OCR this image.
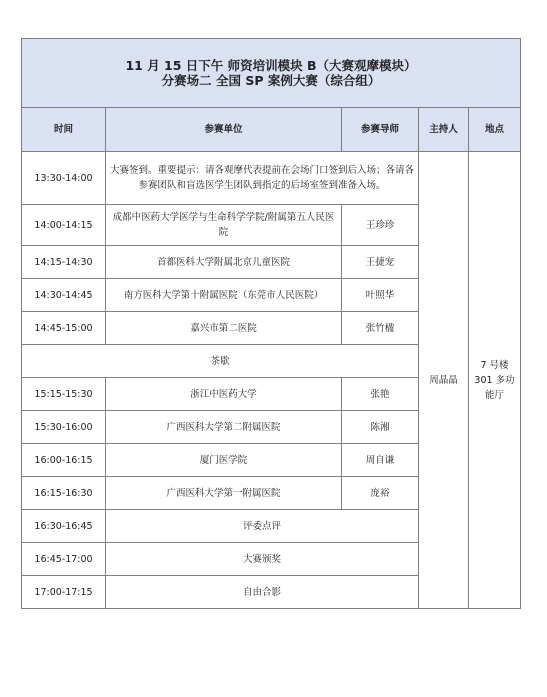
11 月 15 日下午 师资培训模块 B（大赛观摩模块）
分赛场二 全国 SP 案例大赛（综合组）				

时间	参赛单位	参赛导师	主持人	地点
13:30-14:00	大赛签到。重要提示：请各观摩代表提前在会场门口签到后入场；各请各参赛团队和盲选医学生团队到指定的后场室签到准备入场。		周晶晶	7 号楼 301 多功能厅
14:00-14:15	成都中医药大学医学与生命科学学院/附属第五人民医院	王珍珍		
14:15-14:30	首都医科大学附属北京儿童医院	王捷宠		
14:30-14:45	南方医科大学第十附属医院（东莞市人民医院）	叶照华		
14:45-15:00	嘉兴市第二医院	张竹楹		
茶歇				
15:15-15:30	浙江中医药大学	张艳		
15:30-16:00	广西医科大学第二附属医院	陈湘		
16:00-16:15	厦门医学院	周自谦		
16:15-16:30	广西医科大学第一附属医院	庞裕		
16:30-16:45	评委点评			
16:45-17:00	大赛颁奖			
17:00-17:15	自由合影			
